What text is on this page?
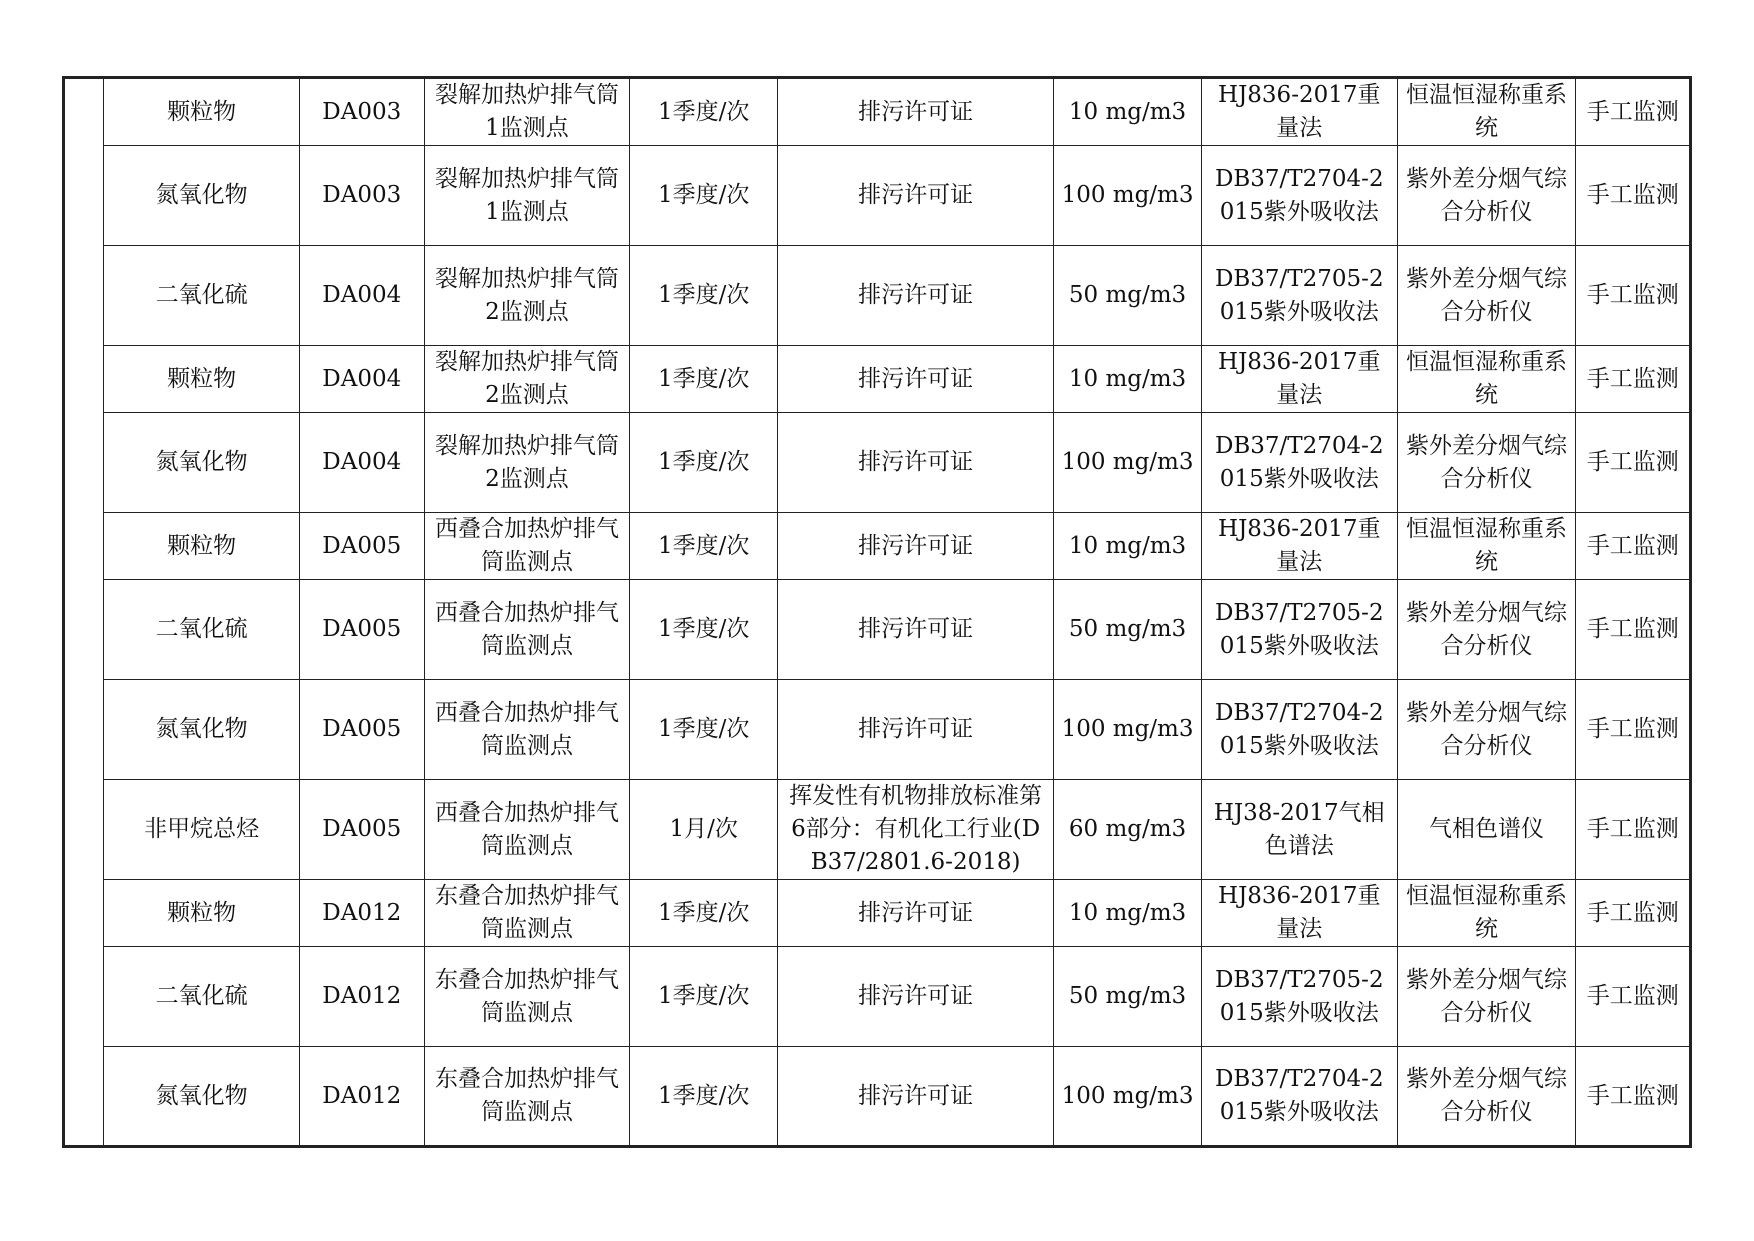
	颗粒物	DA003	裂解加热炉排气筒1监测点	1季度/次	排污许可证	10 mg/m3	HJ836-2017重量法	恒温恒湿称重系统	手工监测
	氮氧化物	DA003	裂解加热炉排气筒1监测点	1季度/次	排污许可证	100 mg/m3	DB37/T2704-2015紫外吸收法	紫外差分烟气综合分析仪	手工监测
	二氧化硫	DA004	裂解加热炉排气筒2监测点	1季度/次	排污许可证	50 mg/m3	DB37/T2705-2015紫外吸收法	紫外差分烟气综合分析仪	手工监测
	颗粒物	DA004	裂解加热炉排气筒2监测点	1季度/次	排污许可证	10 mg/m3	HJ836-2017重量法	恒温恒湿称重系统	手工监测
	氮氧化物	DA004	裂解加热炉排气筒2监测点	1季度/次	排污许可证	100 mg/m3	DB37/T2704-2015紫外吸收法	紫外差分烟气综合分析仪	手工监测
	颗粒物	DA005	西叠合加热炉排气筒监测点	1季度/次	排污许可证	10 mg/m3	HJ836-2017重量法	恒温恒湿称重系统	手工监测
	二氧化硫	DA005	西叠合加热炉排气筒监测点	1季度/次	排污许可证	50 mg/m3	DB37/T2705-2015紫外吸收法	紫外差分烟气综合分析仪	手工监测
	氮氧化物	DA005	西叠合加热炉排气筒监测点	1季度/次	排污许可证	100 mg/m3	DB37/T2704-2015紫外吸收法	紫外差分烟气综合分析仪	手工监测
	非甲烷总烃	DA005	西叠合加热炉排气筒监测点	1月/次	挥发性有机物排放标准第6部分：有机化工行业(DB37/2801.6-2018)	60 mg/m3	HJ38-2017气相色谱法	气相色谱仪	手工监测
	颗粒物	DA012	东叠合加热炉排气筒监测点	1季度/次	排污许可证	10 mg/m3	HJ836-2017重量法	恒温恒湿称重系统	手工监测
	二氧化硫	DA012	东叠合加热炉排气筒监测点	1季度/次	排污许可证	50 mg/m3	DB37/T2705-2015紫外吸收法	紫外差分烟气综合分析仪	手工监测
	氮氧化物	DA012	东叠合加热炉排气筒监测点	1季度/次	排污许可证	100 mg/m3	DB37/T2704-2015紫外吸收法	紫外差分烟气综合分析仪	手工监测
